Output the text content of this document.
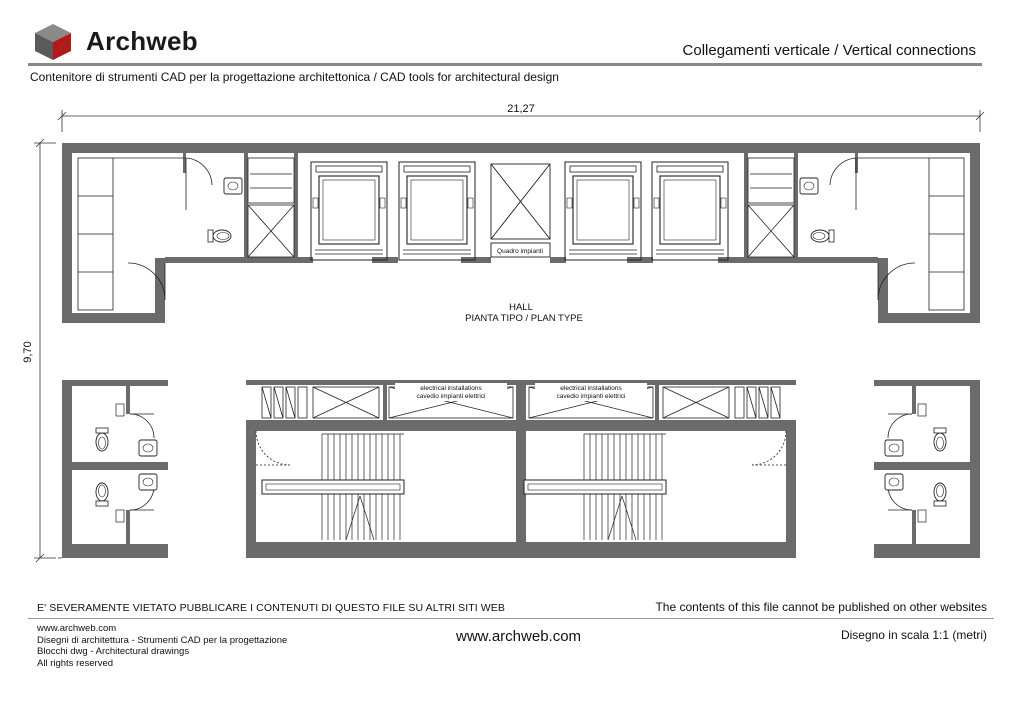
Archweb	Collegamenti verticale / Vertical connections
Contenitore di strumenti CAD per la progettazione architettonica / CAD tools for architectural design
21,27
9,70
Quadro impianti
HALL
PIANTA TIPO / PLAN TYPE
electrical installations
cavedio impianti elettrici
electrical installations
cavedio impianti elettrici
E' SEVERAMENTE VIETATO PUBBLICARE I CONTENUTI DI QUESTO FILE SU ALTRI SITI WEB	The contents of this file cannot be published on other websites
www.archweb.com
Disegni di architettura - Strumenti CAD per la progettazione
Blocchi dwg - Architectural drawings
All rights reserved
www.archweb.com	Disegno in scala 1:1 (metri)
